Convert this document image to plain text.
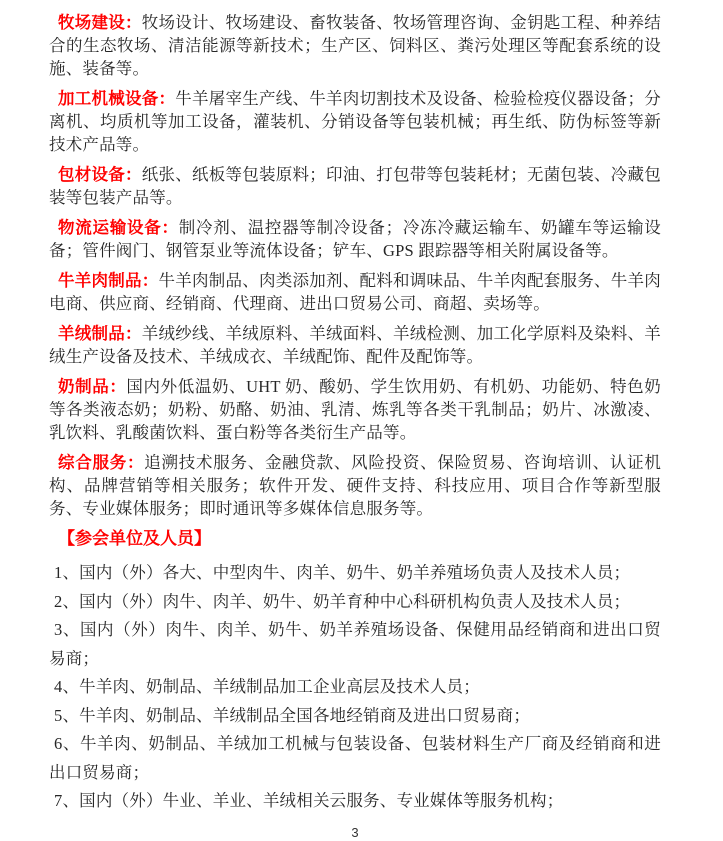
牧场建设：牧场设计、牧场建设、畜牧装备、牧场管理咨询、金钥匙工程、种养结合的生态牧场、清洁能源等新技术；生产区、饲料区、粪污处理区等配套系统的设施、装备等。

加工机械设备：牛羊屠宰生产线、牛羊肉切割技术及设备、检验检疫仪器设备；分离机、均质机等加工设备，灌装机、分销设备等包装机械；再生纸、防伪标签等新技术产品等。

包材设备：纸张、纸板等包装原料；印油、打包带等包装耗材；无菌包装、冷藏包装等包装产品等。

物流运输设备：制冷剂、温控器等制冷设备；冷冻冷藏运输车、奶罐车等运输设备；管件阀门、钢管泵业等流体设备；铲车、GPS 跟踪器等相关附属设备等。

牛羊肉制品：牛羊肉制品、肉类添加剂、配料和调味品、牛羊肉配套服务、牛羊肉电商、供应商、经销商、代理商、进出口贸易公司、商超、卖场等。

羊绒制品：羊绒纱线、羊绒原料、羊绒面料、羊绒检测、加工化学原料及染料、羊绒生产设备及技术、羊绒成衣、羊绒配饰、配件及配饰等。

奶制品：国内外低温奶、UHT 奶、酸奶、学生饮用奶、有机奶、功能奶、特色奶等各类液态奶；奶粉、奶酪、奶油、乳清、炼乳等各类干乳制品；奶片、冰激凌、乳饮料、乳酸菌饮料、蛋白粉等各类衍生产品等。

综合服务：追溯技术服务、金融贷款、风险投资、保险贸易、咨询培训、认证机构、品牌营销等相关服务；软件开发、硬件支持、科技应用、项目合作等新型服务、专业媒体服务；即时通讯等多媒体信息服务等。

【参会单位及人员】

1、国内（外）各大、中型肉牛、肉羊、奶牛、奶羊养殖场负责人及技术人员；

2、国内（外）肉牛、肉羊、奶牛、奶羊育种中心科研机构负责人及技术人员；

3、国内（外）肉牛、肉羊、奶牛、奶羊养殖场设备、保健用品经销商和进出口贸易商；

4、牛羊肉、奶制品、羊绒制品加工企业高层及技术人员；

5、牛羊肉、奶制品、羊绒制品全国各地经销商及进出口贸易商；

6、牛羊肉、奶制品、羊绒加工机械与包装设备、包装材料生产厂商及经销商和进出口贸易商；

7、国内（外）牛业、羊业、羊绒相关云服务、专业媒体等服务机构；

3
